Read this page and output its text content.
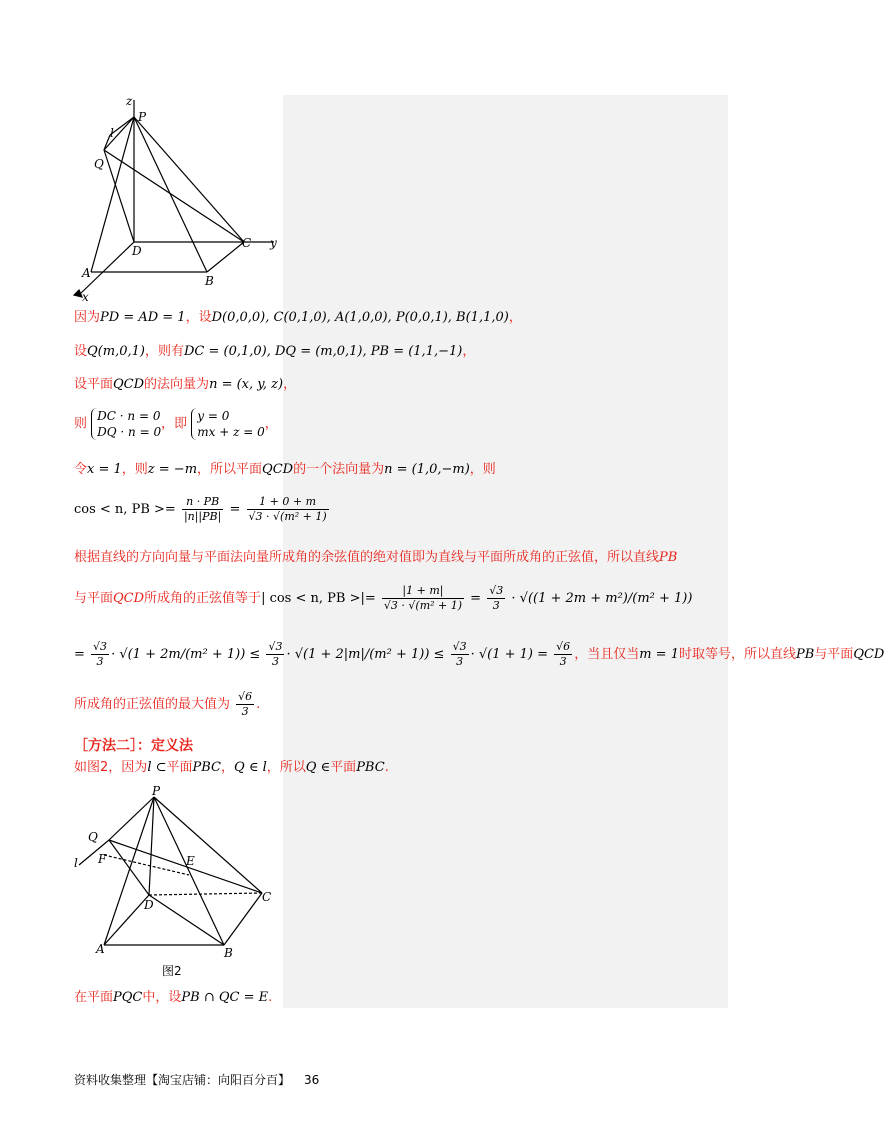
z
l
P
Q
D
C y
A
B
x
因为PD = AD = 1，设D(0,0,0), C(0,1,0), A(1,0,0), P(0,0,1), B(1,1,0)，
设Q(m,0,1)，则有DC = (0,1,0), DQ = (m,0,1), PB = (1,1,−1)，
设平面QCD的法向量为n = (x, y, z)，
则
DC · n = 0
DQ · n = 0
，即
y = 0
mx + z = 0
，
令x = 1，则z = −m，所以平面QCD的一个法向量为n = (1,0,−m)，则
cos < n, PB >= $\frac{n \cdot PB}{|n||PB|} = \frac{1 + 0 + m}{\text{√3 · √(m² + 1)}}$
根据直线的方向向量与平面法向量所成角的余弦值的绝对值即为直线与平面所成角的正弦值，所以直线PB
与平面QCD所成角的正弦值等于| cos < n, PB >|= $\frac{|1 + m|}{\text{√3 · √(m² + 1)}} = \frac{√3}{3} \cdot √((1 + 2m + m^2)/(m^2 + 1))$
= $\frac{√3}{3} \cdot √(1 + 2m/(m^2 + 1)) \le \frac{√3}{3} \cdot √(1 + 2|m|/(m^2 + 1)) \le \frac{√3}{3} \cdot √(1 + 1) = \frac{√6}{3}$ ，当且仅当m = 1时取等号，所以直线PB与平面QCD
所成角的正弦值的最大值为 $\frac{√6}{3}$ .
［方法二］：定义法
如图2，因为l ⊂平面PBC，Q ∈ l，所以Q ∈平面PBC.
P
Q
F
l	E
D
C
A	B
图2
在平面PQC中，设PB ∩ QC = E.
资料收集整理【淘宝店铺：向阳百分百】 36
